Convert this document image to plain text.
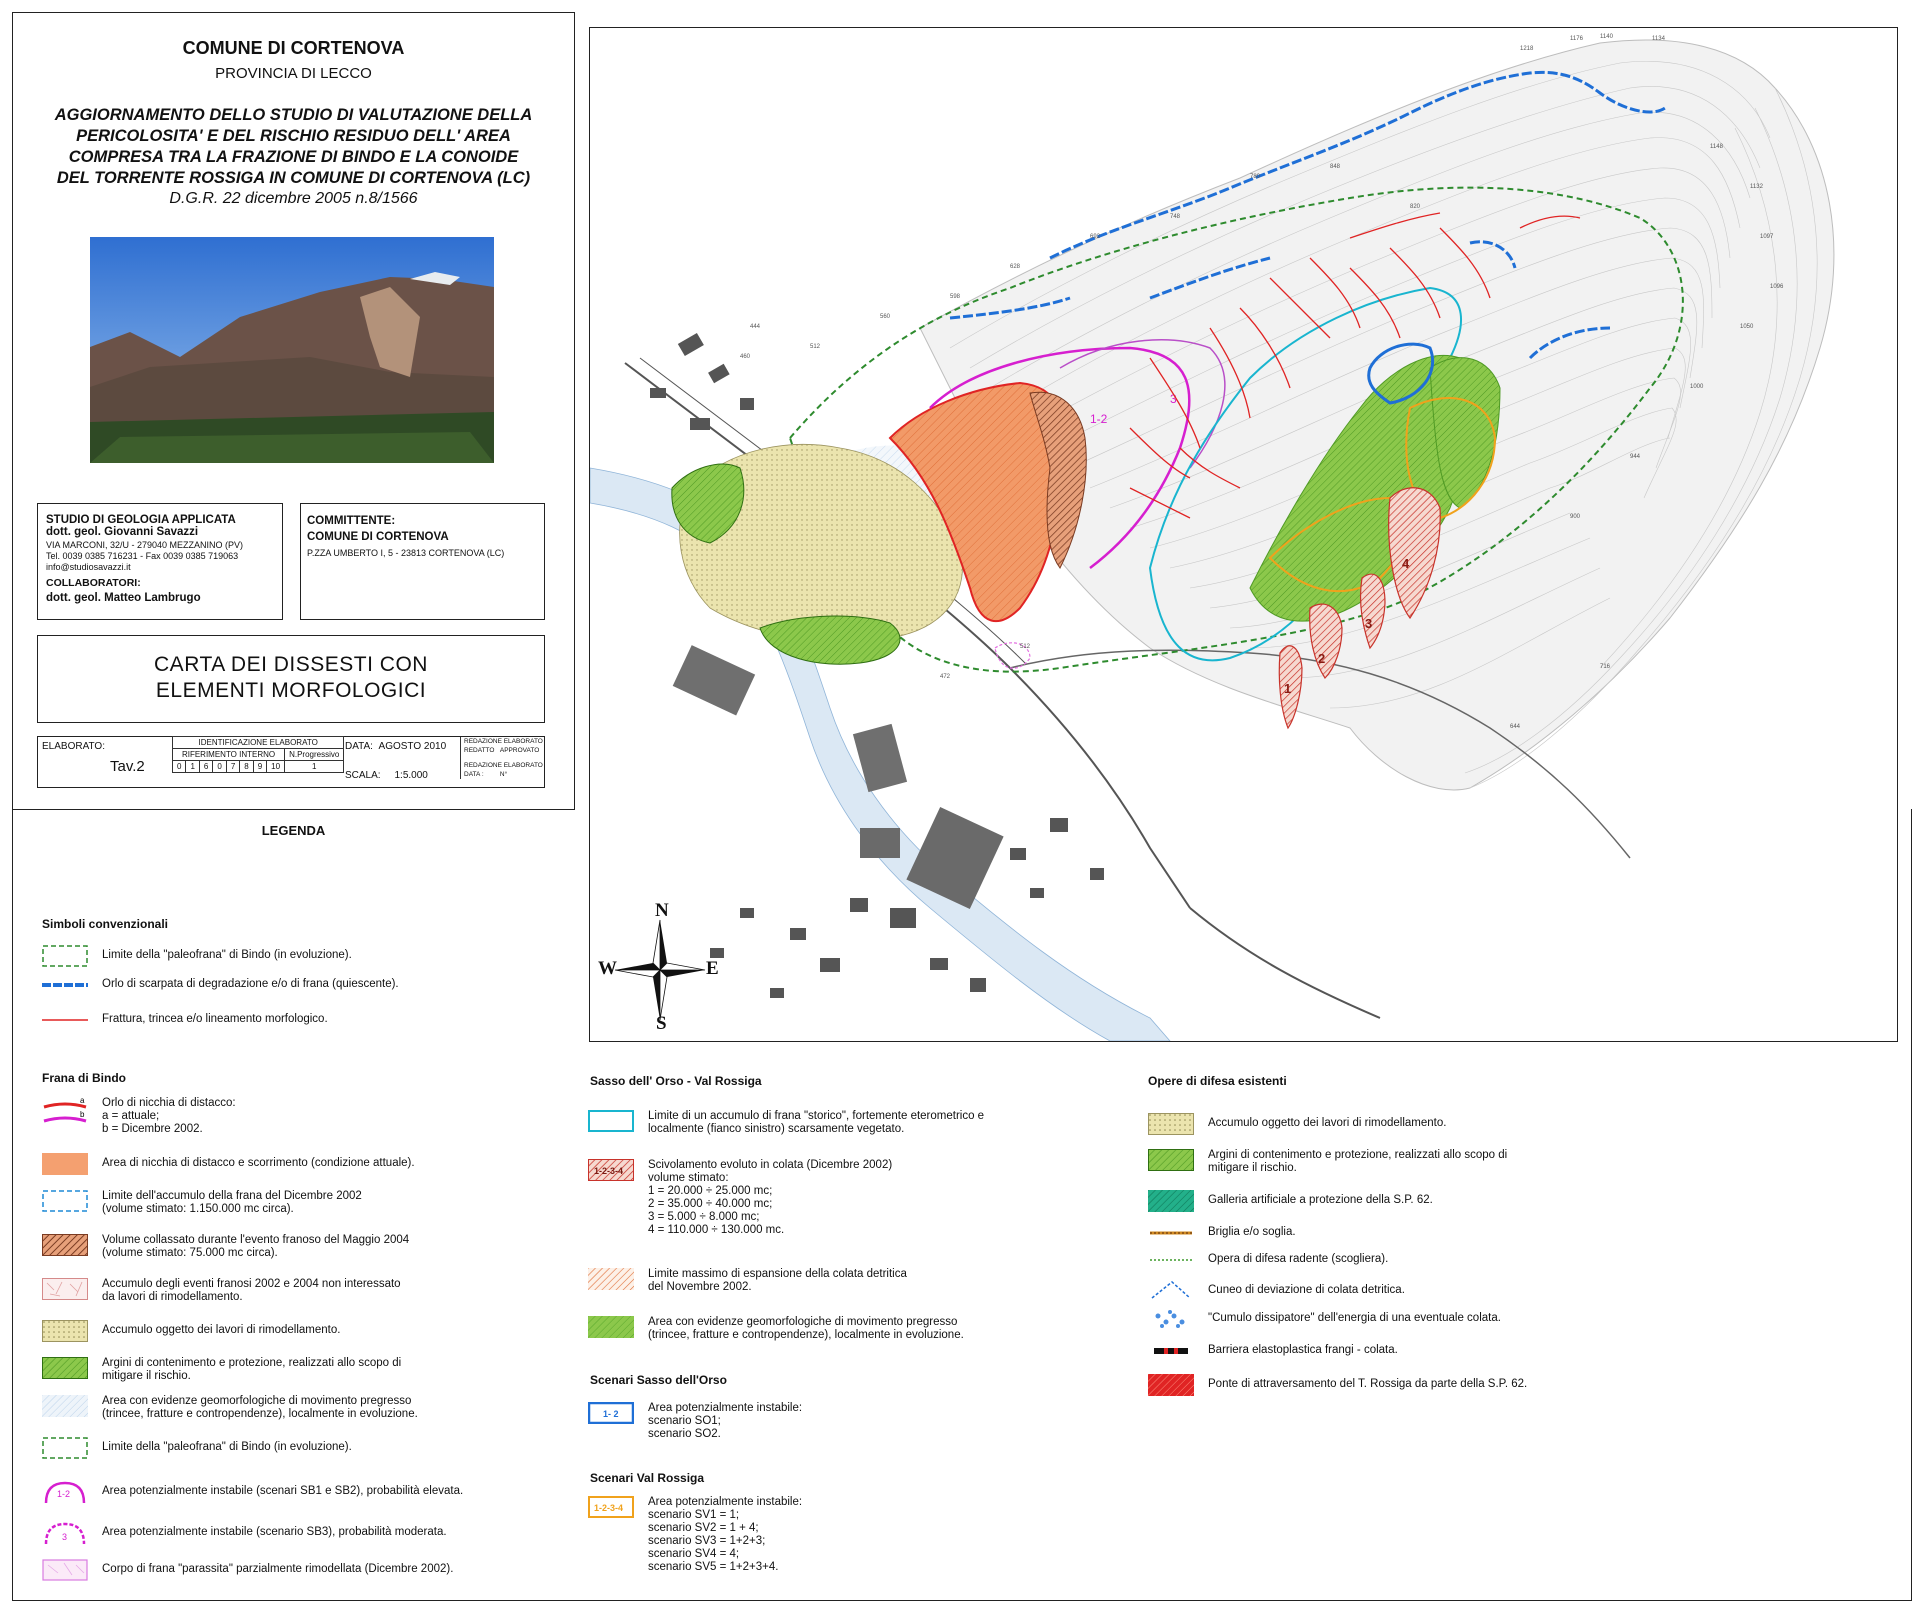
COMUNE DI CORTENOVA
PROVINCIA DI LECCO
AGGIORNAMENTO DELLO STUDIO DI VALUTAZIONE DELLA
PERICOLOSITA' E DEL RISCHIO RESIDUO DELL' AREA
COMPRESA TRA LA FRAZIONE DI BINDO E LA CONOIDE
DEL TORRENTE ROSSIGA IN COMUNE DI CORTENOVA (LC)
D.G.R. 22 dicembre 2005 n.8/1566
STUDIO DI GEOLOGIA APPLICATA
dott. geol. Giovanni Savazzi
VIA MARCONI, 32/U - 279040 MEZZANINO (PV)
Tel. 0039 0385 716231 - Fax 0039 0385 719063
info@studiosavazzi.it
COLLABORATORI:
dott. geol. Matteo Lambrugo
COMMITTENTE:
COMUNE DI CORTENOVA
P.ZZA UMBERTO I, 5 - 23813 CORTENOVA (LC)
CARTA DEI DISSESTI CON
ELEMENTI MORFOLOGICI
ELABORATO:
Tav.2
IDENTIFICAZIONE ELABORATO								
RIFERIMENTO INTERNO								N.Progressivo
0	1	6	0	7	8	9	10	1
DATA: AGOSTO 2010
SCALA: 1:5.000
REDAZIONE ELABORATO
REDATTO APPROVATO
REDAZIONE ELABORATO
DATA :	N°
1-2
3
1
2
3
4
1134
1140
1176
1218
1148
1132
1097
1096
1050
1000
944
900
716
644
820
848
780
748
692
628
598
560
512
460
444
472
512
N
S
W	E
LEGENDA
Simboli convenzionali
Limite della "paleofrana" di Bindo (in evoluzione).
Orlo di scarpata di degradazione e/o di frana (quiescente).
Frattura, trincea e/o lineamento morfologico.
Frana di Bindo
a
b
Orlo di nicchia di distacco:
a = attuale;
b = Dicembre 2002.
Area di nicchia di distacco e scorrimento (condizione attuale).
Limite dell'accumulo della frana del Dicembre 2002
(volume stimato: 1.150.000 mc circa).
Volume collassato durante l'evento franoso del Maggio 2004
(volume stimato: 75.000 mc circa).
Accumulo degli eventi franosi 2002 e 2004 non interessato
da lavori di rimodellamento.
Accumulo oggetto dei lavori di rimodellamento.
Argini di contenimento e protezione, realizzati allo scopo di
mitigare il rischio.
Area con evidenze geomorfologiche di movimento pregresso
(trincee, fratture e contropendenze), localmente in evoluzione.
Limite della "paleofrana" di Bindo (in evoluzione).
1-2	Area potenzialmente instabile (scenari SB1 e SB2), probabilità elevata.
3	Area potenzialmente instabile (scenario SB3), probabilità moderata.
Corpo di frana "parassita" parzialmente rimodellata (Dicembre 2002).
Sasso dell' Orso - Val Rossiga
Limite di un accumulo di frana "storico", fortemente eterometrico e
localmente (fianco sinistro) scarsamente vegetato.
1-2-3-4 Scivolamento evoluto in colata (Dicembre 2002)
volume stimato:
1 = 20.000 ÷ 25.000 mc;
2 = 35.000 ÷ 40.000 mc;
3 = 5.000 ÷ 8.000 mc;
4 = 110.000 ÷ 130.000 mc.
Limite massimo di espansione della colata detritica
del Novembre 2002.
Area con evidenze geomorfologiche di movimento pregresso
(trincee, fratture e contropendenze), localmente in evoluzione.
Scenari Sasso dell'Orso
1- 2	Area potenzialmente instabile:
scenario SO1;
scenario SO2.
Scenari Val Rossiga
1-2-3-4 Area potenzialmente instabile:
scenario SV1 = 1;
scenario SV2 = 1 + 4;
scenario SV3 = 1+2+3;
scenario SV4 = 4;
scenario SV5 = 1+2+3+4.
Opere di difesa esistenti
Accumulo oggetto dei lavori di rimodellamento.
Argini di contenimento e protezione, realizzati allo scopo di
mitigare il rischio.
Galleria artificiale a protezione della S.P. 62.
Briglia e/o soglia.
Opera di difesa radente (scogliera).
Cuneo di deviazione di colata detritica.
"Cumulo dissipatore" dell'energia di una eventuale colata.
Barriera elastoplastica frangi - colata.
Ponte di attraversamento del T. Rossiga da parte della S.P. 62.
